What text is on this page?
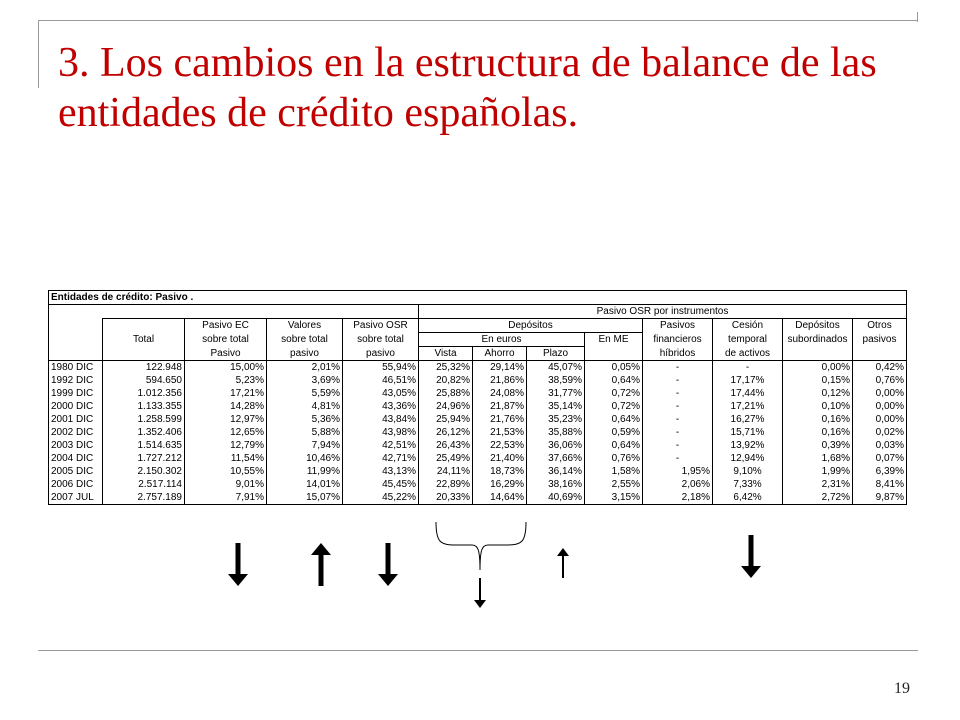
3. Los cambios en la estructura de balance de las entidades de crédito españolas.
Entidades de crédito: Pasivo .												
					Pasivo OSR por instrumentos							
		Pasivo EC	Valores	Pasivo OSR	Depósitos				Pasivos	Cesión	Depósitos	Otros
	Total	sobre total	sobre total	sobre total	En euros			En ME	financieros	temporal	subordinados	pasivos
		Pasivo	pasivo	pasivo	Vista	Ahorro	Plazo		híbridos	de activos		
1980 DIC	122.948	15,00%	2,01%	55,94%	25,32%	29,14%	45,07%	0,05%	-	-	0,00%	0,42%
1992 DIC	594.650	5,23%	3,69%	46,51%	20,82%	21,86%	38,59%	0,64%	-	17,17%	0,15%	0,76%
1999 DIC	1.012.356	17,21%	5,59%	43,05%	25,88%	24,08%	31,77%	0,72%	-	17,44%	0,12%	0,00%
2000 DIC	1.133.355	14,28%	4,81%	43,36%	24,96%	21,87%	35,14%	0,72%	-	17,21%	0,10%	0,00%
2001 DIC	1.258.599	12,97%	5,36%	43,84%	25,94%	21,76%	35,23%	0,64%	-	16,27%	0,16%	0,00%
2002 DIC	1.352.406	12,65%	5,88%	43,98%	26,12%	21,53%	35,88%	0,59%	-	15,71%	0,16%	0,02%
2003 DIC	1.514.635	12,79%	7,94%	42,51%	26,43%	22,53%	36,06%	0,64%	-	13,92%	0,39%	0,03%
2004 DIC	1.727.212	11,54%	10,46%	42,71%	25,49%	21,40%	37,66%	0,76%	-	12,94%	1,68%	0,07%
2005 DIC	2.150.302	10,55%	11,99%	43,13%	24,11%	18,73%	36,14%	1,58%	1,95%	9,10%	1,99%	6,39%
2006 DIC	2.517.114	9,01%	14,01%	45,45%	22,89%	16,29%	38,16%	2,55%	2,06%	7,33%	2,31%	8,41%
2007 JUL	2.757.189	7,91%	15,07%	45,22%	20,33%	14,64%	40,69%	3,15%	2,18%	6,42%	2,72%	9,87%
19
